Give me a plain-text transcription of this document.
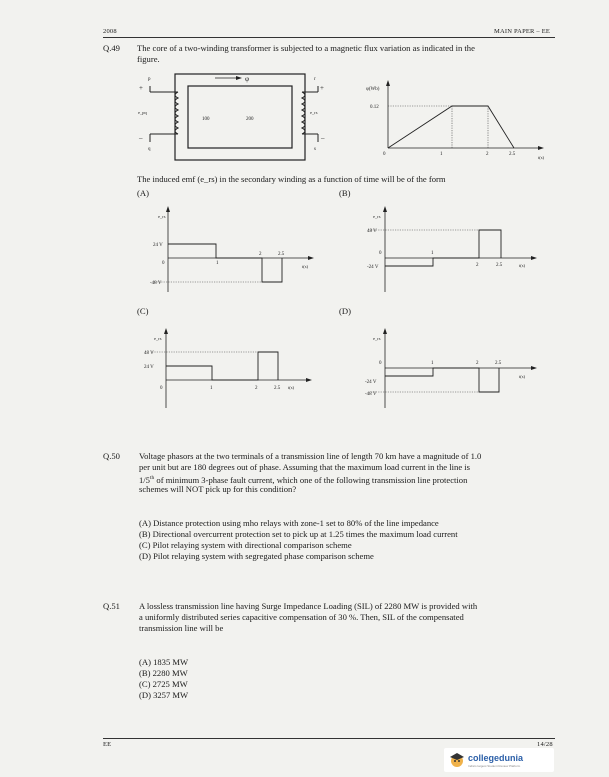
2008	MAIN PAPER – EE
Q.49 The core of a two-winding transformer is subjected to a magnetic flux variation as indicated in the
figure.
φ
p
+
e_pq
–
q
100	200
r
+
e_rs
–
s
φ(Wb)
0.12
0	1	2	2.5
t(s)
The induced emf (e_rs) in the secondary winding as a function of time will be of the form
(A)	(B)
(C)	(D)
e_rs
24 V
0
-48 V
1
2	2.5
t(s)
e_rs
48 V
0
-24 V
1
2	2.5	t(s)
e_rs
48 V
24 V
0	1	2	2.5 t(s)
e_rs
0
-24 V
-48 V
1	2	2.5
t(s)
Q.50 Voltage phasors at the two terminals of a transmission line of length 70 km have a magnitude of 1.0
per unit but are 180 degrees out of phase. Assuming that the maximum load current in the line is
1/5th of minimum 3-phase fault current, which one of the following transmission line protection
schemes will NOT pick up for this condition?
(A) Distance protection using mho relays with zone-1 set to 80% of the line impedance
(B) Directional overcurrent protection set to pick up at 1.25 times the maximum load current
(C) Pilot relaying system with directional comparison scheme
(D) Pilot relaying system with segregated phase comparison scheme
Q.51 A lossless transmission line having Surge Impedance Loading (SIL) of 2280 MW is provided with
a uniformly distributed series capacitive compensation of 30 %. Then, SIL of the compensated
transmission line will be
(A) 1835 MW
(B) 2280 MW
(C) 2725 MW
(D) 3257 MW
EE	14/28
collegedunia
India's largest Student Review Platform
